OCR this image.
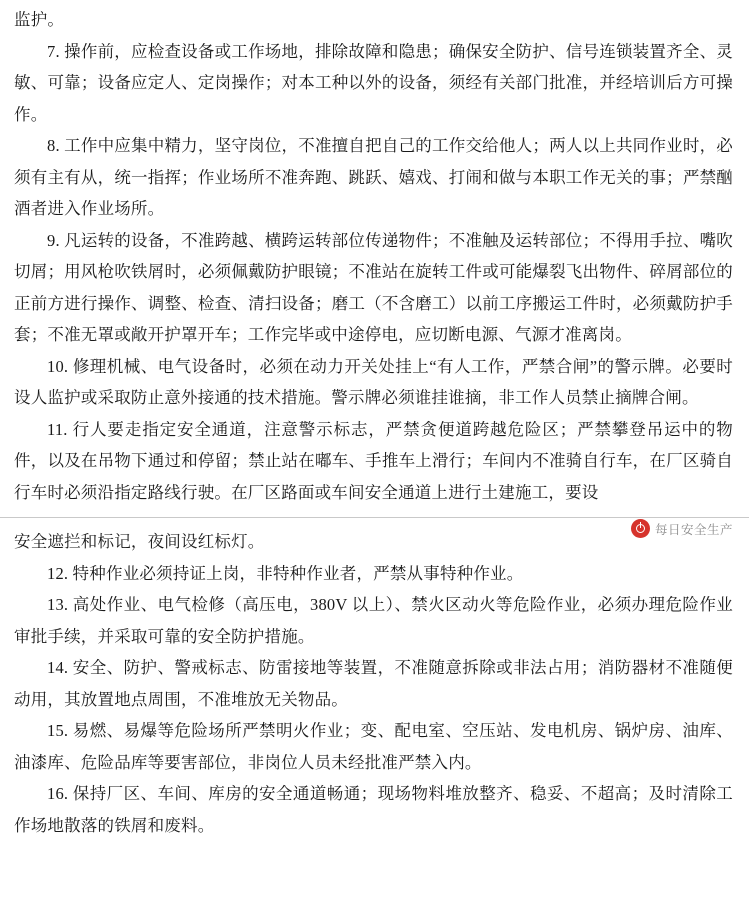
监护。

7. 操作前，应检查设备或工作场地，排除故障和隐患；确保安全防护、信号连锁装置齐全、灵敏、可靠；设备应定人、定岗操作；对本工种以外的设备，须经有关部门批准，并经培训后方可操作。

8. 工作中应集中精力，坚守岗位，不准擅自把自己的工作交给他人；两人以上共同作业时，必须有主有从，统一指挥；作业场所不准奔跑、跳跃、嬉戏、打闹和做与本职工作无关的事；严禁酗酒者进入作业场所。

9. 凡运转的设备，不准跨越、横跨运转部位传递物件；不准触及运转部位；不得用手拉、嘴吹切屑；用风枪吹铁屑时，必须佩戴防护眼镜；不准站在旋转工件或可能爆裂飞出物件、碎屑部位的正前方进行操作、调整、检查、清扫设备；磨工（不含磨工）以前工序搬运工件时，必须戴防护手套；不准无罩或敞开护罩开车；工作完毕或中途停电，应切断电源、气源才准离岗。

10. 修理机械、电气设备时，必须在动力开关处挂上“有人工作，严禁合闸”的警示牌。必要时设人监护或采取防止意外接通的技术措施。警示牌必须谁挂谁摘，非工作人员禁止摘牌合闸。

11. 行人要走指定安全通道，注意警示标志，严禁贪便道跨越危险区；严禁攀登吊运中的物件，以及在吊物下通过和停留；禁止站在嘟车、手推车上滑行；车间内不准骑自行车，在厂区骑自行车时必须沿指定路线行驶。在厂区路面或车间安全通道上进行土建施工，要设

安全遮拦和标记，夜间设红标灯。

12. 特种作业必须持证上岗，非特种作业者，严禁从事特种作业。

13. 高处作业、电气检修（高压电，380V 以上）、禁火区动火等危险作业，必须办理危险作业审批手续，并采取可靠的安全防护措施。

14. 安全、防护、警戒标志、防雷接地等装置，不准随意拆除或非法占用；消防器材不准随便动用，其放置地点周围，不准堆放无关物品。

15. 易燃、易爆等危险场所严禁明火作业；变、配电室、空压站、发电机房、锅炉房、油库、油漆库、危险品库等要害部位，非岗位人员未经批准严禁入内。

16. 保持厂区、车间、库房的安全通道畅通；现场物料堆放整齐、稳妥、不超高；及时清除工作场地散落的铁屑和废料。

每日安全生产
